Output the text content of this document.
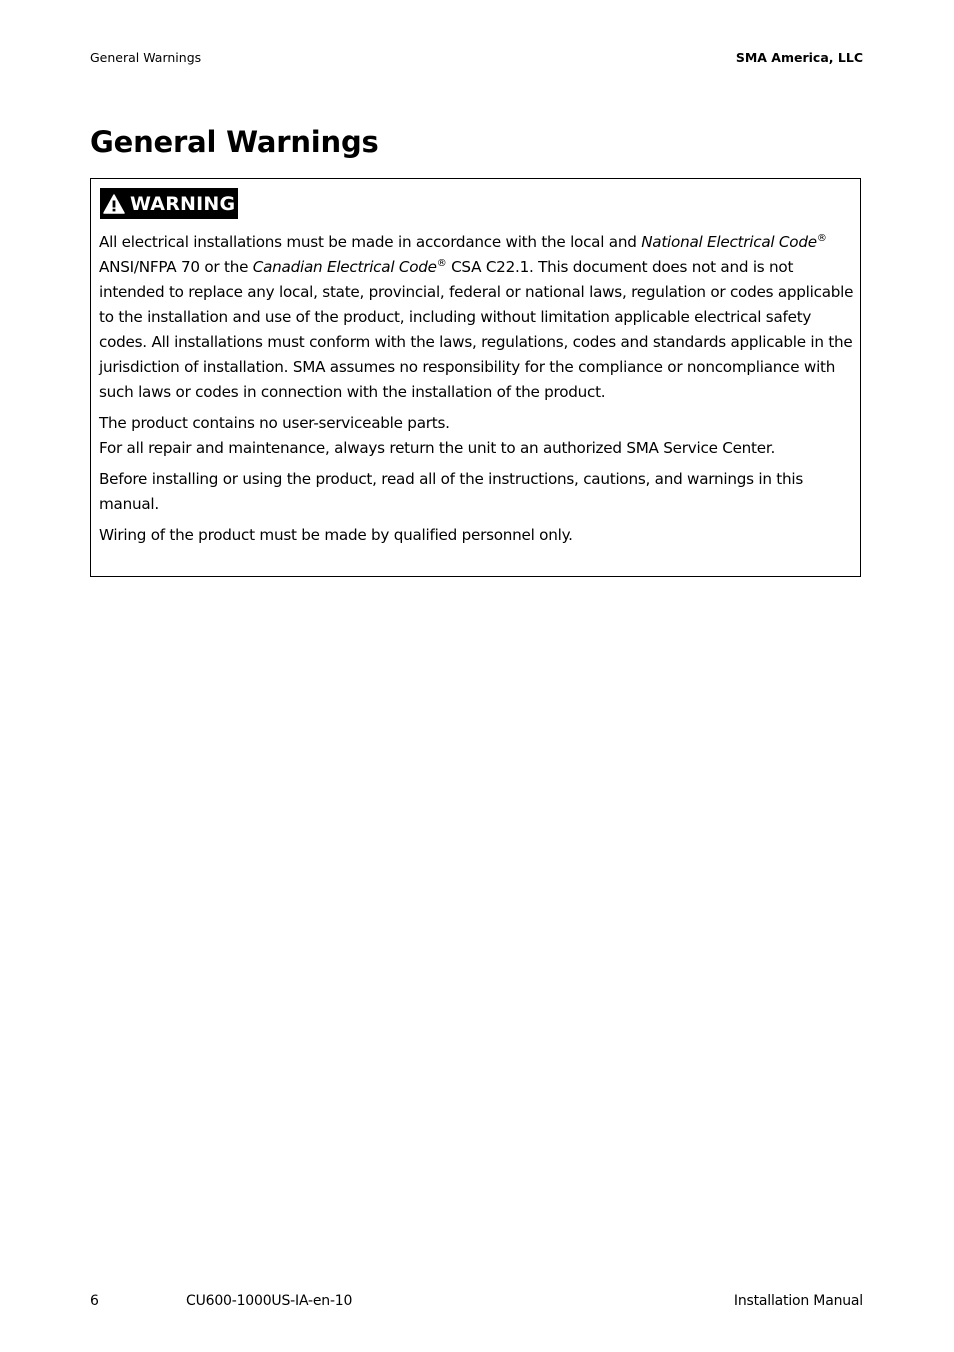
General Warnings	SMA America, LLC
General Warnings
WARNING

All electrical installations must be made in accordance with the local and National Electrical Code® ANSI/NFPA 70 or the Canadian Electrical Code® CSA C22.1. This document does not and is not intended to replace any local, state, provincial, federal or national laws, regulation or codes applicable to the installation and use of the product, including without limitation applicable electrical safety codes. All installations must conform with the laws, regulations, codes and standards applicable in the jurisdiction of installation. SMA assumes no responsibility for the compliance or noncompliance with such laws or codes in connection with the installation of the product.

The product contains no user-serviceable parts.
For all repair and maintenance, always return the unit to an authorized SMA Service Center.

Before installing or using the product, read all of the instructions, cautions, and warnings in this manual.

Wiring of the product must be made by qualified personnel only.

6	CU600-1000US-IA-en-10	Installation Manual
